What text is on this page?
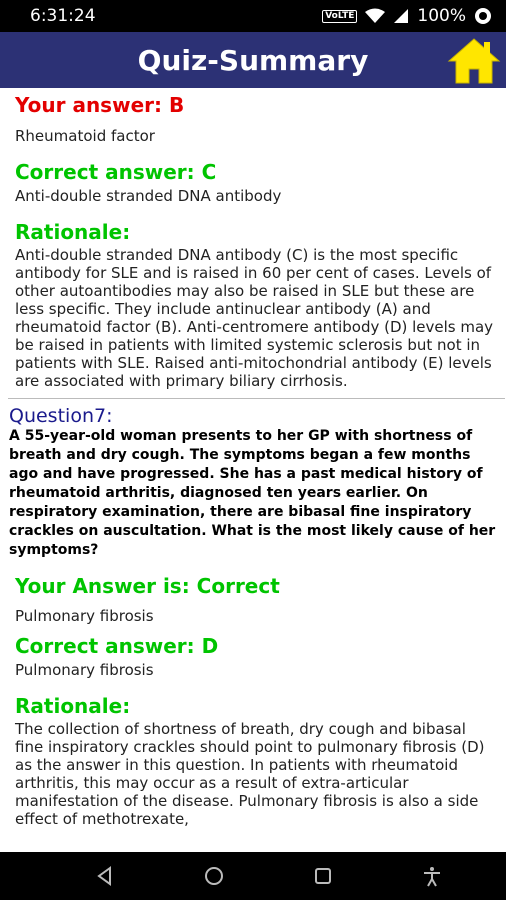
6:31:24	VoLTE	100%
Quiz-Summary
Your answer: B
Rheumatoid factor
Correct answer: C
Anti-double stranded DNA antibody
Rationale:
Anti-double stranded DNA antibody (C) is the most specific antibody for SLE and is raised in 60 per cent of cases. Levels of other autoantibodies may also be raised in SLE but these are less specific. They include antinuclear antibody (A) and rheumatoid factor (B). Anti-centromere antibody (D) levels may be raised in patients with limited systemic sclerosis but not in patients with SLE. Raised anti-mitochondrial antibody (E) levels are associated with primary biliary cirrhosis.
Question7:
A 55-year-old woman presents to her GP with shortness of breath and dry cough. The symptoms began a few months ago and have progressed. She has a past medical history of rheumatoid arthritis, diagnosed ten years earlier. On respiratory examination, there are bibasal fine inspiratory crackles on auscultation. What is the most likely cause of her symptoms?
Your Answer is: Correct
Pulmonary fibrosis
Correct answer: D
Pulmonary fibrosis
Rationale:
The collection of shortness of breath, dry cough and bibasal fine inspiratory crackles should point to pulmonary fibrosis (D) as the answer in this question. In patients with rheumatoid arthritis, this may occur as a result of extra-articular manifestation of the disease. Pulmonary fibrosis is also a side effect of methotrexate,
